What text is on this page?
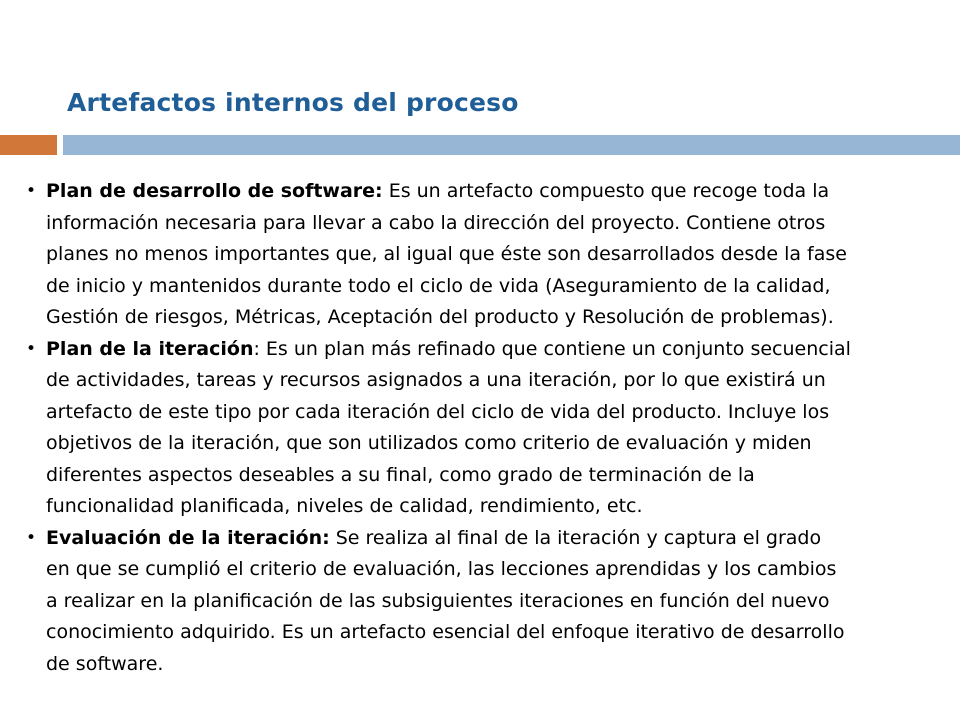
Artefactos internos del proceso
• Plan de desarrollo de software: Es un artefacto compuesto que recoge toda la
información necesaria para llevar a cabo la dirección del proyecto. Contiene otros
planes no menos importantes que, al igual que éste son desarrollados desde la fase
de inicio y mantenidos durante todo el ciclo de vida (Aseguramiento de la calidad,
Gestión de riesgos, Métricas, Aceptación del producto y Resolución de problemas).
• Plan de la iteración: Es un plan más refinado que contiene un conjunto secuencial
de actividades, tareas y recursos asignados a una iteración, por lo que existirá un
artefacto de este tipo por cada iteración del ciclo de vida del producto. Incluye los
objetivos de la iteración, que son utilizados como criterio de evaluación y miden
diferentes aspectos deseables a su final, como grado de terminación de la
funcionalidad planificada, niveles de calidad, rendimiento, etc.
• Evaluación de la iteración: Se realiza al final de la iteración y captura el grado
en que se cumplió el criterio de evaluación, las lecciones aprendidas y los cambios
a realizar en la planificación de las subsiguientes iteraciones en función del nuevo
conocimiento adquirido. Es un artefacto esencial del enfoque iterativo de desarrollo
de software.
